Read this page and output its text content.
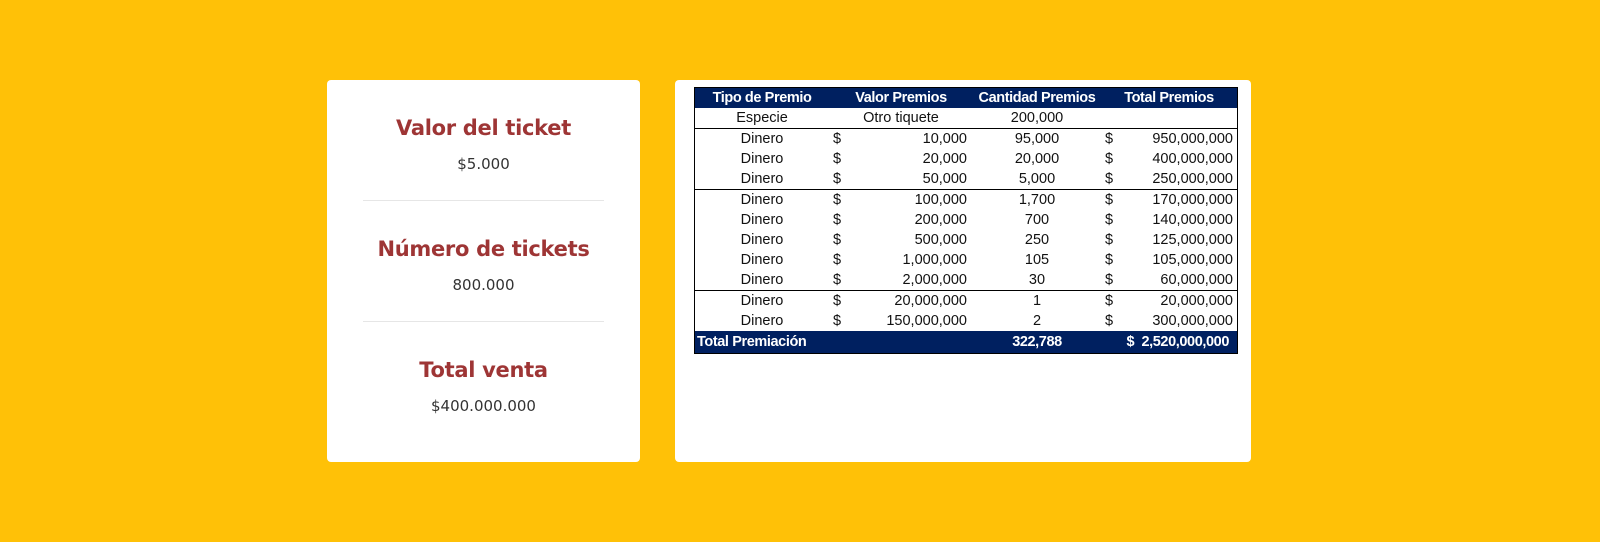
Valor del ticket
$5.000
Número de tickets
800.000
Total venta
$400.000.000
Tipo de Premio	Valor Premios		Cantidad Premios	Total Premios	
Especie	Otro tiquete		200,000		
Dinero	$	10,000	95,000	$	950,000,000
Dinero	$	20,000	20,000	$	400,000,000
Dinero	$	50,000	5,000	$	250,000,000
Dinero	$	100,000	1,700	$	170,000,000
Dinero	$	200,000	700	$	140,000,000
Dinero	$	500,000	250	$	125,000,000
Dinero	$	1,000,000	105	$	105,000,000
Dinero	$	2,000,000	30	$	60,000,000
Dinero	$	20,000,000	1	$	20,000,000
Dinero	$	150,000,000	2	$	300,000,000
Total Premiación			322,788	$  2,520,000,000	
